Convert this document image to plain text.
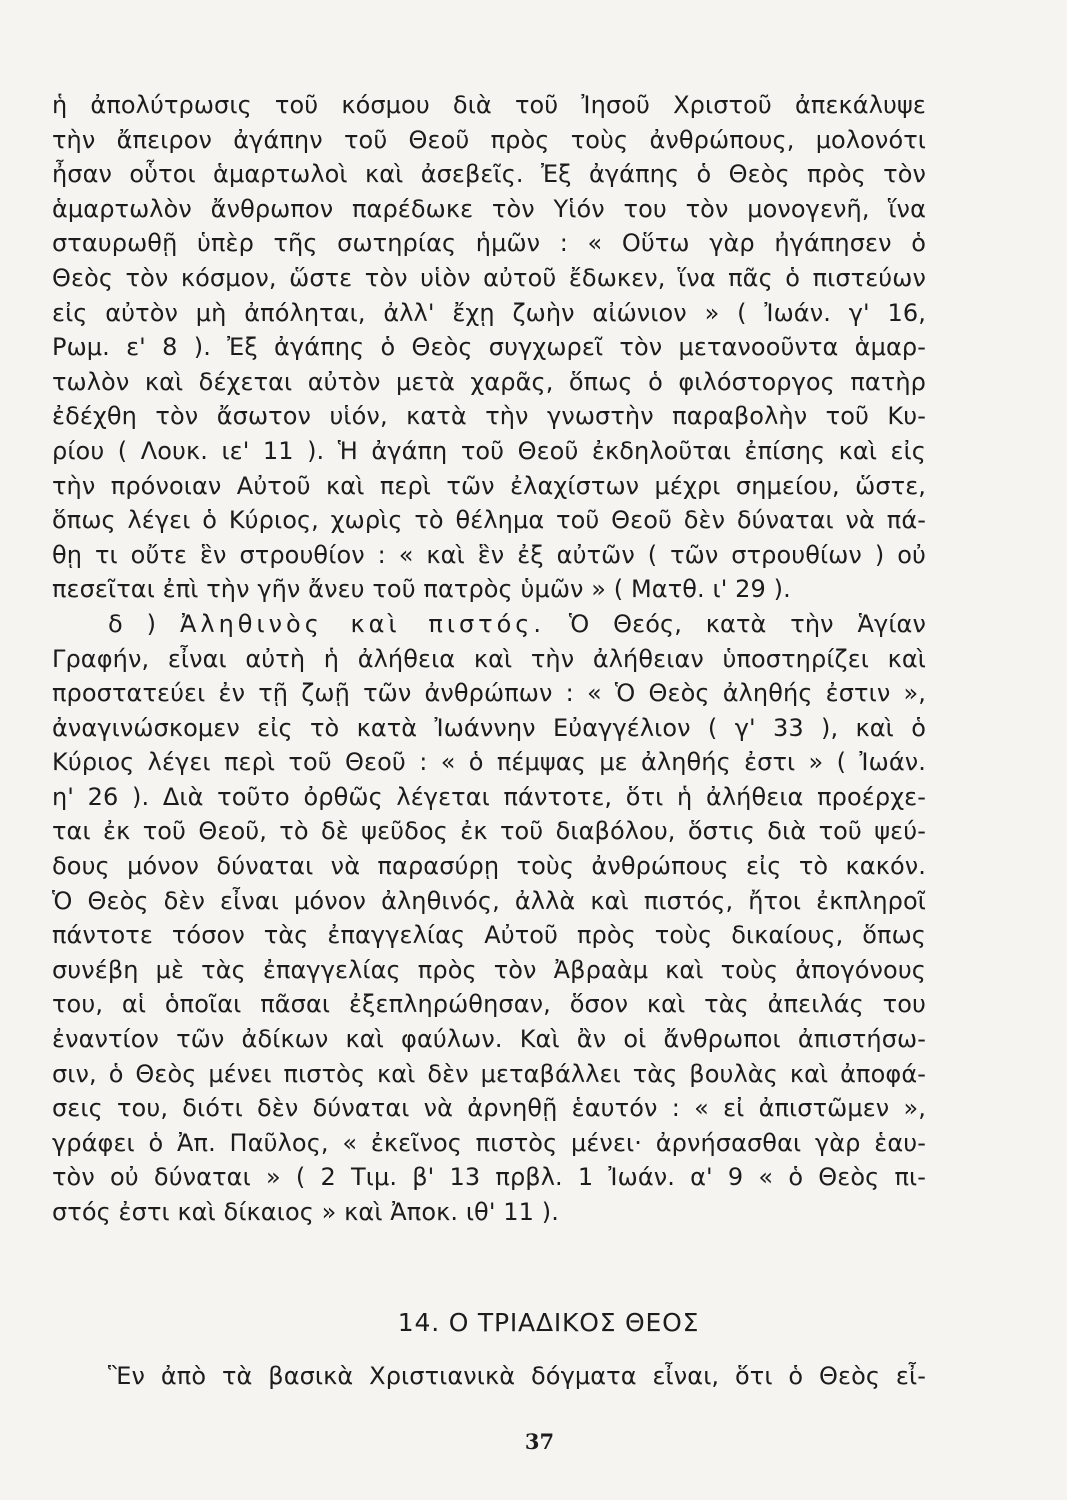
ἡ ἀπολύτρωσις τοῦ κόσμου διὰ τοῦ Ἰησοῦ Χριστοῦ ἀπεκάλυψε
τὴν ἄπειρον ἀγάπην τοῦ Θεοῦ πρὸς τοὺς ἀνθρώπους, μολονότι
ἦσαν οὗτοι ἁμαρτωλοὶ καὶ ἀσεβεῖς. Ἐξ ἀγάπης ὁ Θεὸς πρὸς τὸν
ἁμαρτωλὸν ἄνθρωπον παρέδωκε τὸν Υἱόν του τὸν μονογενῆ, ἵνα
σταυρωθῇ ὑπὲρ τῆς σωτηρίας ἡμῶν : « Οὕτω γὰρ ἠγάπησεν ὁ
Θεὸς τὸν κόσμον, ὥστε τὸν υἱὸν αὐτοῦ ἔδωκεν, ἵνα πᾶς ὁ πιστεύων
εἰς αὐτὸν μὴ ἀπόληται, ἀλλ' ἔχῃ ζωὴν αἰώνιον » ( Ἰωάν. γ' 16,
Ρωμ. ε' 8 ). Ἐξ ἀγάπης ὁ Θεὸς συγχωρεῖ τὸν μετανοοῦντα ἁμαρ-
τωλὸν καὶ δέχεται αὐτὸν μετὰ χαρᾶς, ὅπως ὁ φιλόστοργος πατὴρ
ἐδέχθη τὸν ἄσωτον υἱόν, κατὰ τὴν γνωστὴν παραβολὴν τοῦ Κυ-
ρίου ( Λουκ. ιε' 11 ). Ἡ ἀγάπη τοῦ Θεοῦ ἐκδηλοῦται ἐπίσης καὶ εἰς
τὴν πρόνοιαν Αὐτοῦ καὶ περὶ τῶν ἐλαχίστων μέχρι σημείου, ὥστε,
ὅπως λέγει ὁ Κύριος, χωρὶς τὸ θέλημα τοῦ Θεοῦ δὲν δύναται νὰ πά-
θῃ τι οὔτε ἓν στρουθίον : « καὶ ἓν ἐξ αὐτῶν ( τῶν στρουθίων ) οὐ
πεσεῖται ἐπὶ τὴν γῆν ἄνευ τοῦ πατρὸς ὑμῶν » ( Ματθ. ι' 29 ).
δ ) Ἀληθινὸς καὶ πιστός. Ὁ Θεός, κατὰ τὴν Ἁγίαν
Γραφήν, εἶναι αὐτὴ ἡ ἀλήθεια καὶ τὴν ἀλήθειαν ὑποστηρίζει καὶ
προστατεύει ἐν τῇ ζωῇ τῶν ἀνθρώπων : « Ὁ Θεὸς ἀληθής ἐστιν »,
ἀναγινώσκομεν εἰς τὸ κατὰ Ἰωάννην Εὐαγγέλιον ( γ' 33 ), καὶ ὁ
Κύριος λέγει περὶ τοῦ Θεοῦ : « ὁ πέμψας με ἀληθής ἐστι » ( Ἰωάν.
η' 26 ). Διὰ τοῦτο ὀρθῶς λέγεται πάντοτε, ὅτι ἡ ἀλήθεια προέρχε-
ται ἐκ τοῦ Θεοῦ, τὸ δὲ ψεῦδος ἐκ τοῦ διαβόλου, ὅστις διὰ τοῦ ψεύ-
δους μόνον δύναται νὰ παρασύρῃ τοὺς ἀνθρώπους εἰς τὸ κακόν.
Ὁ Θεὸς δὲν εἶναι μόνον ἀληθινός, ἀλλὰ καὶ πιστός, ἤτοι ἐκπληροῖ
πάντοτε τόσον τὰς ἐπαγγελίας Αὐτοῦ πρὸς τοὺς δικαίους, ὅπως
συνέβη μὲ τὰς ἐπαγγελίας πρὸς τὸν Ἀβραὰμ καὶ τοὺς ἀπογόνους
του, αἱ ὁποῖαι πᾶσαι ἐξεπληρώθησαν, ὅσον καὶ τὰς ἀπειλάς του
ἐναντίον τῶν ἀδίκων καὶ φαύλων. Καὶ ἂν οἱ ἄνθρωποι ἀπιστήσω-
σιν, ὁ Θεὸς μένει πιστὸς καὶ δὲν μεταβάλλει τὰς βουλὰς καὶ ἀποφά-
σεις του, διότι δὲν δύναται νὰ ἀρνηθῇ ἑαυτόν : « εἰ ἀπιστῶμεν »,
γράφει ὁ Ἀπ. Παῦλος, « ἐκεῖνος πιστὸς μένει· ἀρνήσασθαι γὰρ ἑαυ-
τὸν οὐ δύναται » ( 2 Τιμ. β' 13 πρβλ. 1 Ἰωάν. α' 9 « ὁ Θεὸς πι-
στός ἐστι καὶ δίκαιος » καὶ Ἀποκ. ιθ' 11 ).
14. Ο ΤΡΙΑΔΙΚΟΣ ΘΕΟΣ
Ἓν ἀπὸ τὰ βασικὰ Χριστιανικὰ δόγματα εἶναι, ὅτι ὁ Θεὸς εἶ-
37
